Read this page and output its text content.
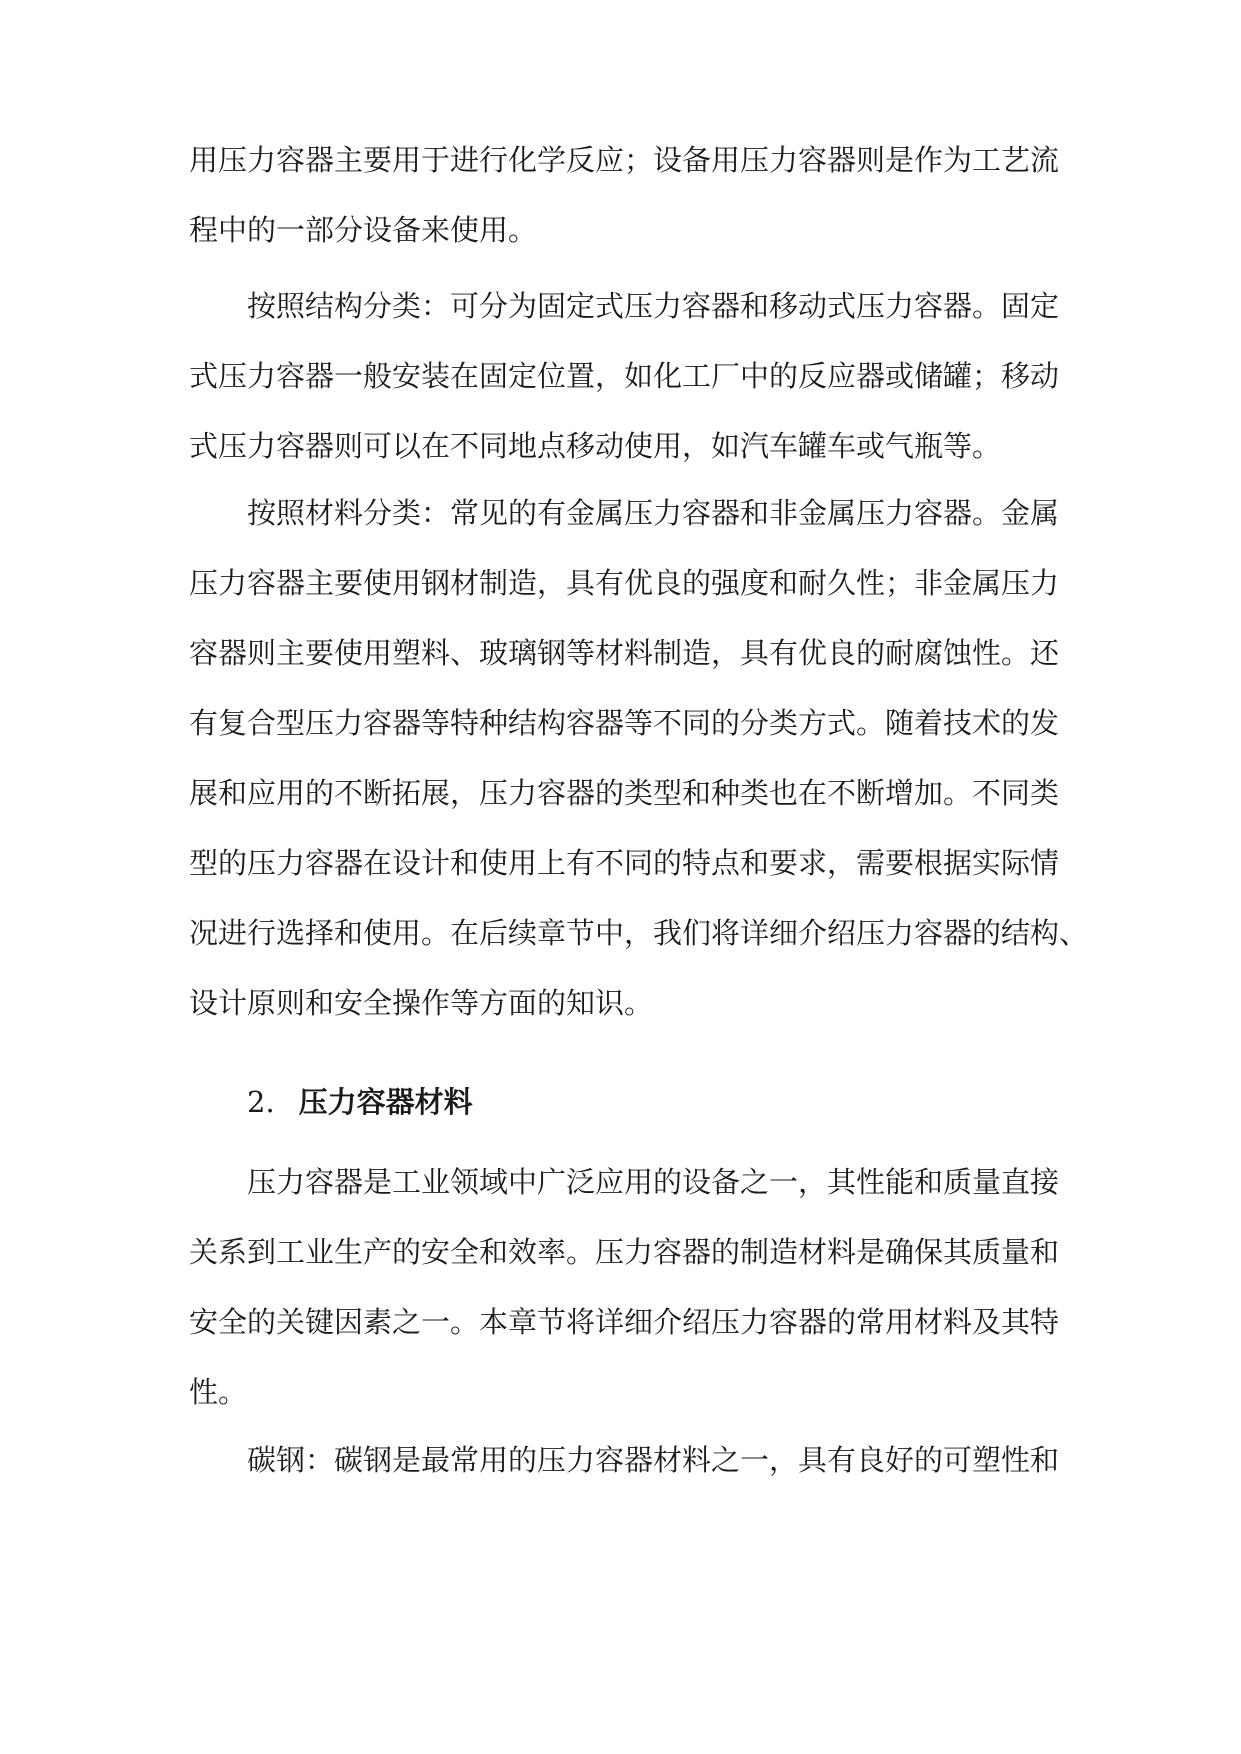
用压力容器主要用于进行化学反应；设备用压力容器则是作为工艺流
程中的一部分设备来使用。
按照结构分类：可分为固定式压力容器和移动式压力容器。固定
式压力容器一般安装在固定位置，如化工厂中的反应器或储罐；移动
式压力容器则可以在不同地点移动使用，如汽车罐车或气瓶等。
按照材料分类：常见的有金属压力容器和非金属压力容器。金属
压力容器主要使用钢材制造，具有优良的强度和耐久性；非金属压力
容器则主要使用塑料、玻璃钢等材料制造，具有优良的耐腐蚀性。还
有复合型压力容器等特种结构容器等不同的分类方式。随着技术的发
展和应用的不断拓展，压力容器的类型和种类也在不断增加。不同类
型的压力容器在设计和使用上有不同的特点和要求，需要根据实际情
况进行选择和使用。在后续章节中，我们将详细介绍压力容器的结构、
设计原则和安全操作等方面的知识。
2. 压力容器材料
压力容器是工业领域中广泛应用的设备之一，其性能和质量直接
关系到工业生产的安全和效率。压力容器的制造材料是确保其质量和
安全的关键因素之一。本章节将详细介绍压力容器的常用材料及其特
性。
碳钢：碳钢是最常用的压力容器材料之一，具有良好的可塑性和
